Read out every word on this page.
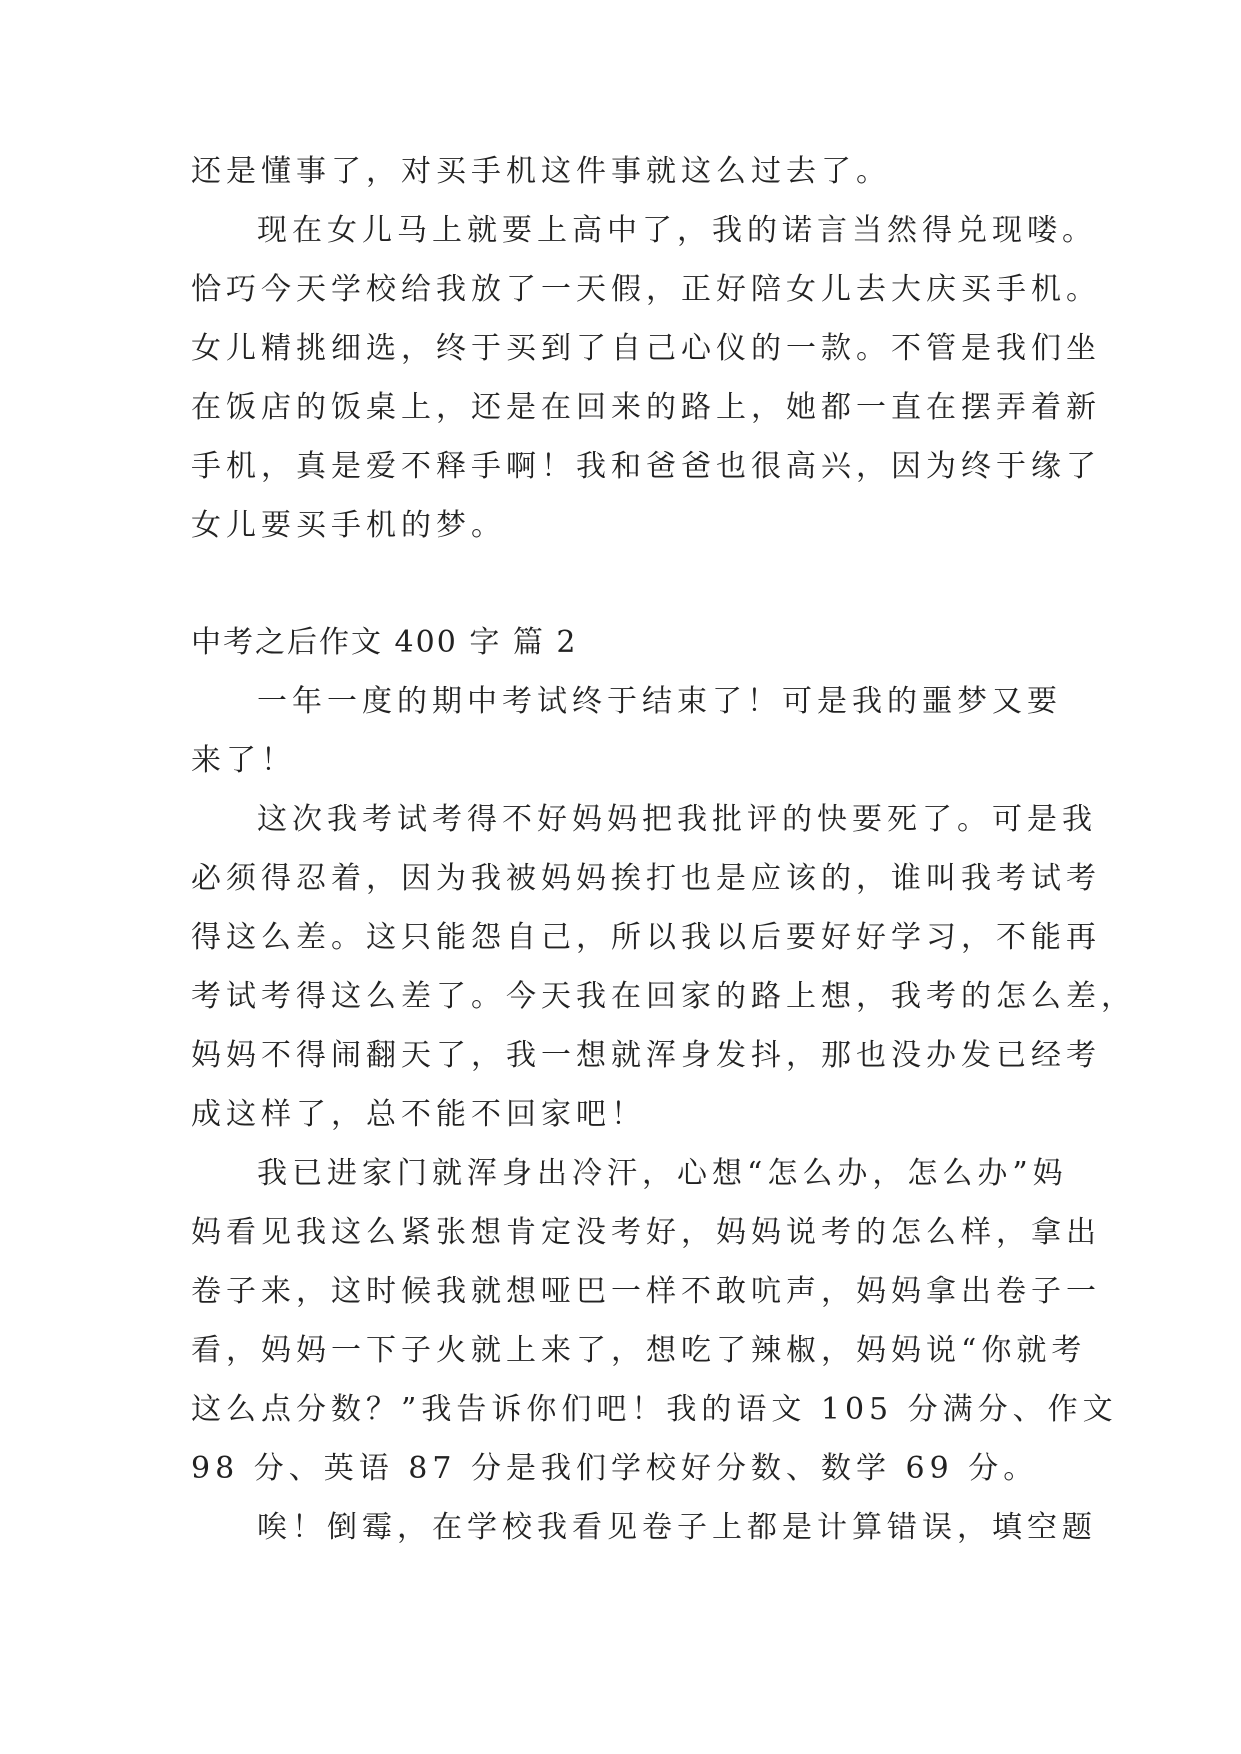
还是懂事了，对买手机这件事就这么过去了。
现在女儿马上就要上高中了，我的诺言当然得兑现喽。
恰巧今天学校给我放了一天假，正好陪女儿去大庆买手机。
女儿精挑细选，终于买到了自己心仪的一款。不管是我们坐
在饭店的饭桌上，还是在回来的路上，她都一直在摆弄着新
手机，真是爱不释手啊！我和爸爸也很高兴，因为终于缘了
女儿要买手机的梦。
中考之后作文 400 字 篇 2
一年一度的期中考试终于结束了！可是我的噩梦又要
来了！
这次我考试考得不好妈妈把我批评的快要死了。可是我
必须得忍着，因为我被妈妈挨打也是应该的，谁叫我考试考
得这么差。这只能怨自己，所以我以后要好好学习，不能再
考试考得这么差了。今天我在回家的路上想，我考的怎么差，
妈妈不得闹翻天了，我一想就浑身发抖，那也没办发已经考
成这样了，总不能不回家吧！
我已进家门就浑身出冷汗，心想“怎么办，怎么办”妈
妈看见我这么紧张想肯定没考好，妈妈说考的怎么样，拿出
卷子来，这时候我就想哑巴一样不敢吭声，妈妈拿出卷子一
看，妈妈一下子火就上来了，想吃了辣椒，妈妈说“你就考
这么点分数？”我告诉你们吧！我的语文 105 分满分、作文
98 分、英语 87 分是我们学校好分数、数学 69 分。
唉！倒霉，在学校我看见卷子上都是计算错误，填空题
